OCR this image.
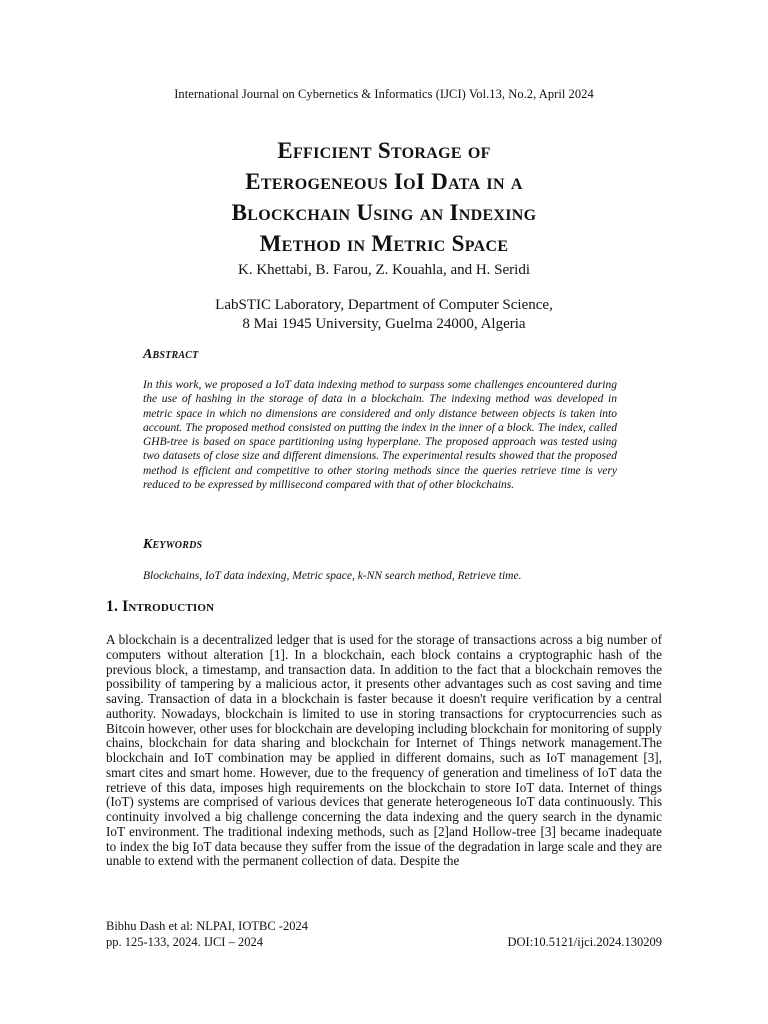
International Journal on Cybernetics & Informatics (IJCI) Vol.13, No.2, April 2024
Efficient Storage of
Eterogeneous IoI Data in a
Blockchain Using an Indexing
Method in Metric Space
K. Khettabi, B. Farou, Z. Kouahla, and H. Seridi
LabSTIC Laboratory, Department of Computer Science,
8 Mai 1945 University, Guelma 24000, Algeria
Abstract

In this work, we proposed a IoT data indexing method to surpass some challenges encountered during the use of hashing in the storage of data in a blockchain. The indexing method was developed in metric space in which no dimensions are considered and only distance between objects is taken into account. The proposed method consisted on putting the index in the inner of a block. The index, called GHB-tree is based on space partitioning using hyperplane. The proposed approach was tested using two datasets of close size and different dimensions. The experimental results showed that the proposed method is efficient and competitive to other storing methods since the queries retrieve time is very reduced to be expressed by millisecond compared with that of other blockchains.

Keywords

Blockchains, IoT data indexing, Metric space, k-NN search method, Retrieve time.

1. Introduction

A blockchain is a decentralized ledger that is used for the storage of transactions across a big number of computers without alteration [1]. In a blockchain, each block contains a cryptographic hash of the previous block, a timestamp, and transaction data. In addition to the fact that a blockchain removes the possibility of tampering by a malicious actor, it presents other advantages such as cost saving and time saving. Transaction of data in a blockchain is faster because it doesn't require verification by a central authority. Nowadays, blockchain is limited to use in storing transactions for cryptocurrencies such as Bitcoin however, other uses for blockchain are developing including blockchain for monitoring of supply chains, blockchain for data sharing and blockchain for Internet of Things network management.The blockchain and IoT combination may be applied in different domains, such as IoT management [3], smart cites and smart home. However, due to the frequency of generation and timeliness of IoT data the retrieve of this data, imposes high requirements on the blockchain to store IoT data. Internet of things (IoT) systems are comprised of various devices that generate heterogeneous IoT data continuously. This continuity involved a big challenge concerning the data indexing and the query search in the dynamic IoT environment. The traditional indexing methods, such as [2]and Hollow-tree [3] became inadequate to index the big IoT data because they suffer from the issue of the degradation in large scale and they are unable to extend with the permanent collection of data. Despite the

Bibhu Dash et al: NLPAI, IOTBC -2024
pp. 125-133, 2024. IJCI – 2024	DOI:10.5121/ijci.2024.130209
